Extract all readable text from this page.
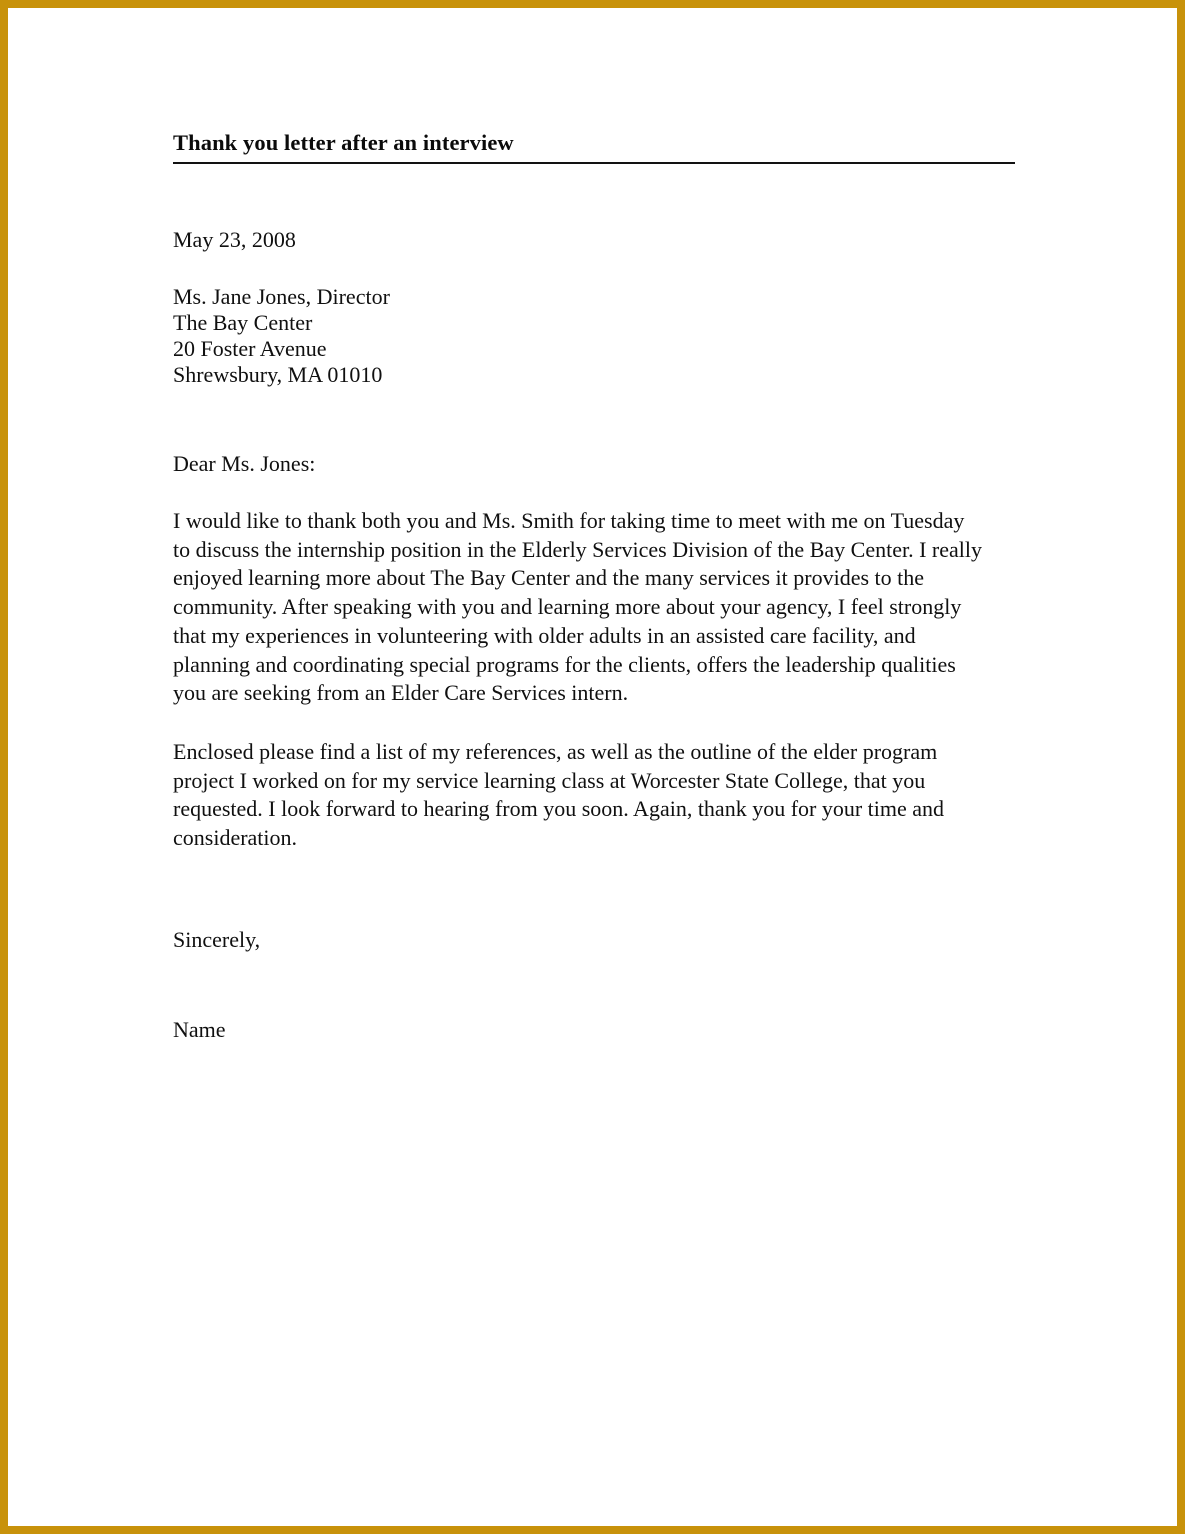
Thank you letter after an interview
May 23, 2008
Ms. Jane Jones, Director
The Bay Center
20 Foster Avenue
Shrewsbury, MA 01010
Dear Ms. Jones:

I would like to thank both you and Ms. Smith for taking time to meet with me on Tuesday to discuss the internship position in the Elderly Services Division of the Bay Center. I really enjoyed learning more about The Bay Center and the many services it provides to the community. After speaking with you and learning more about your agency, I feel strongly that my experiences in volunteering with older adults in an assisted care facility, and planning and coordinating special programs for the clients, offers the leadership qualities you are seeking from an Elder Care Services intern.

Enclosed please find a list of my references, as well as the outline of the elder program project I worked on for my service learning class at Worcester State College, that you requested. I look forward to hearing from you soon. Again, thank you for your time and consideration.

Sincerely,
Name
